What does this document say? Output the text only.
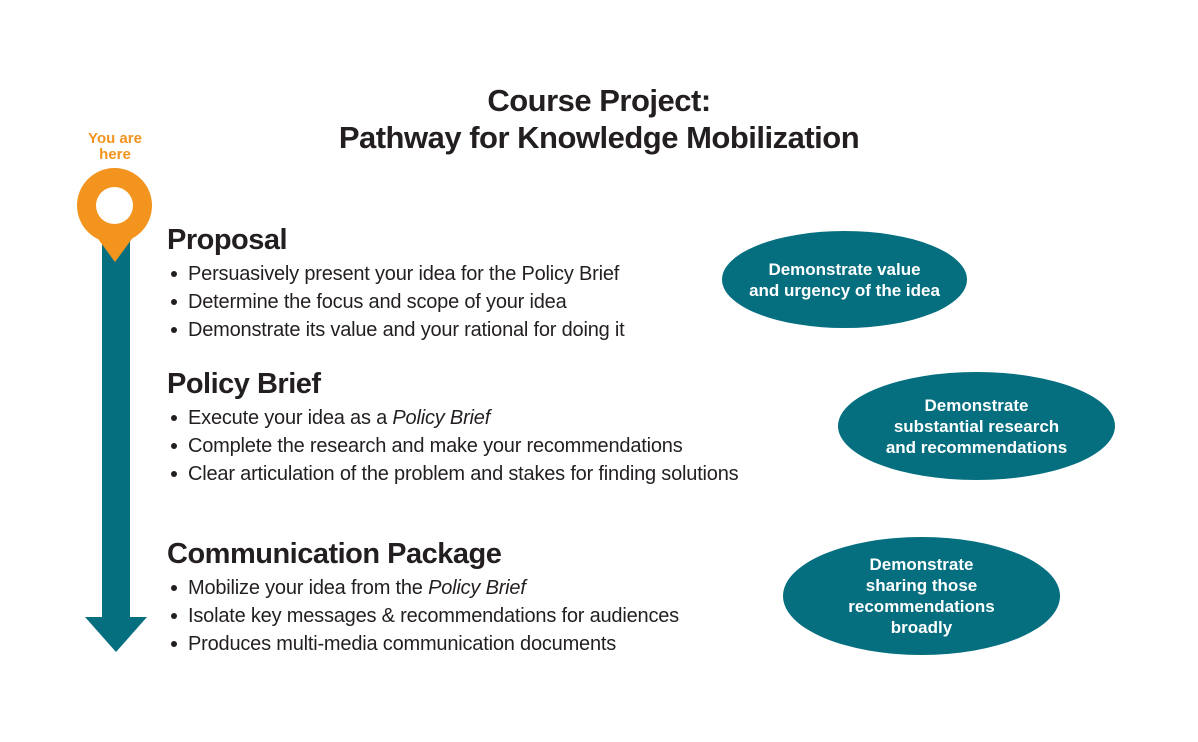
Course Project:
Pathway for Knowledge Mobilization
You are
here
Proposal
Persuasively present your idea for the Policy Brief
Determine the focus and scope of your idea
Demonstrate its value and your rational for doing it
Policy Brief
Execute your idea as a Policy Brief
Complete the research and make your recommendations
Clear articulation of the problem and stakes for finding solutions
Communication Package
Mobilize your idea from the Policy Brief
Isolate key messages & recommendations for audiences
Produces multi-media communication documents
Demonstrate value
and urgency of the idea
Demonstrate
substantial research
and recommendations
Demonstrate
sharing those
recommendations
broadly
